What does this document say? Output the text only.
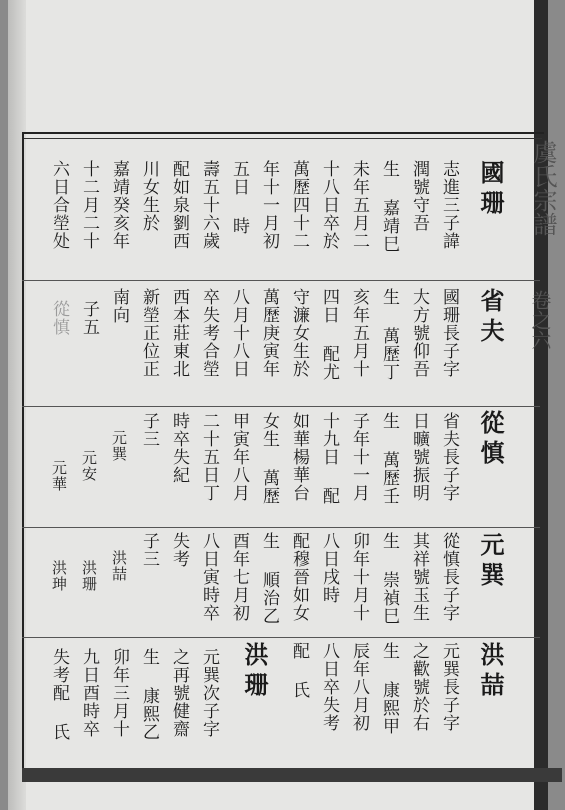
虞氏宗譜
卷之六
國珊
志進三子諱
潤號守吾
生 嘉靖巳
未年五月二
十八日卒於
萬歷四十二
年十一月初
五日 時
壽五十六歲
配如泉劉西
川女生於
嘉靖癸亥年
十二月二十
六日合塋处
省夫
國珊長子字
大方號仰吾
生 萬歷丁
亥年五月十
四日 配尤
守濂女生於
萬歷庚寅年
八月十八日
卒失考合塋
西本莊東北
新塋正位正
南向
子五
從慎
從慎
省夫長子字
日曠號振明
生 萬歷壬
子年十一月
十九日 配
如華楊華台
女生 萬歷
甲寅年八月
二十五日丁
時卒失紀
子三
元巽
元安
元華
元巽
從慎長子字
其祥號玉生
生 崇禎巳
卯年十月十
八日戌時
配穆晉如女
生 順治乙
酉年七月初
八日寅時卒
失考
子三
洪喆
洪珊
洪珅
洪喆
元巽長子字
之歡號於右
生 康熙甲
辰年八月初
八日卒失考
配 氏
洪珊
元巽次子字
之再號健齋
生 康熙乙
卯年三月十
九日酉時卒
失考配 氏
